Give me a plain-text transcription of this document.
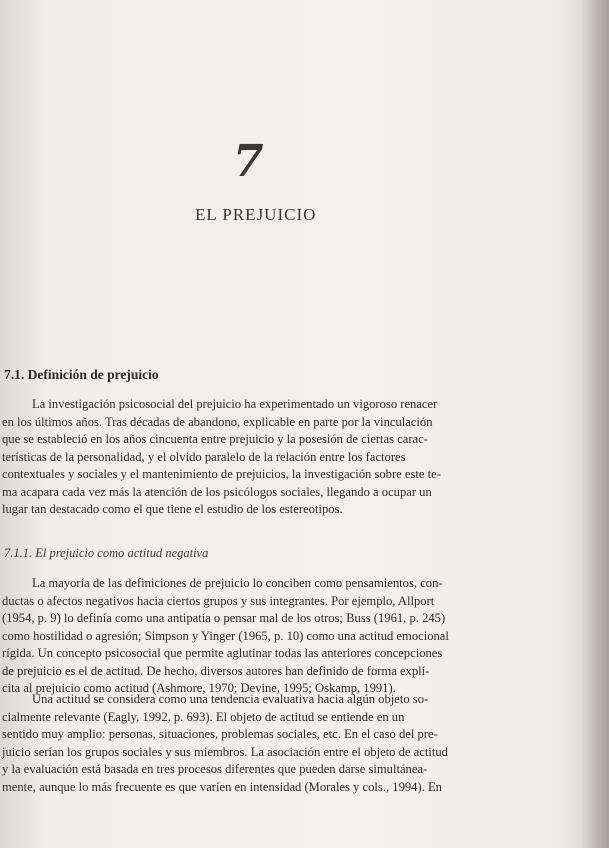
7
EL PREJUICIO
7.1. Definición de prejuicio
La investigación psicosocial del prejuicio ha experimentado un vigoroso renacer
en los últimos años. Tras décadas de abandono, explicable en parte por la vinculación
que se estableció en los años cincuenta entre prejuicio y la posesión de ciertas carac-
terísticas de la personalidad, y el olvido paralelo de la relación entre los factores
contextuales y sociales y el mantenimiento de prejuicios, la investigación sobre este te-
ma acapara cada vez más la atención de los psicólogos sociales, llegando a ocupar un
lugar tan destacado como el que tiene el estudio de los estereotipos.
7.1.1. El prejuicio como actitud negativa
La mayoría de las definiciones de prejuicio lo conciben como pensamientos, con-
ductas o afectos negativos hacia ciertos grupos y sus integrantes. Por ejemplo, Allport
(1954, p. 9) lo definía como una antipatía o pensar mal de los otros; Buss (1961, p. 245)
como hostilidad o agresión; Simpson y Yinger (1965, p. 10) como una actitud emocional
rígida. Un concepto psicosocial que permite aglutinar todas las anteriores concepciones
de prejuicio es el de actitud. De hecho, diversos autores han definido de forma explí-
cita al prejuicio como actitud (Ashmore, 1970; Devine, 1995; Oskamp, 1991).
Una actitud se considera como una tendencia evaluativa hacia algún objeto so-
cialmente relevante (Eagly, 1992, p. 693). El objeto de actitud se entiende en un
sentido muy amplio: personas, situaciones, problemas sociales, etc. En el caso del pre-
juicio serían los grupos sociales y sus miembros. La asociación entre el objeto de actitud
y la evaluación está basada en tres procesos diferentes que pueden darse simultánea-
mente, aunque lo más frecuente es que varíen en intensidad (Morales y cols., 1994). En
